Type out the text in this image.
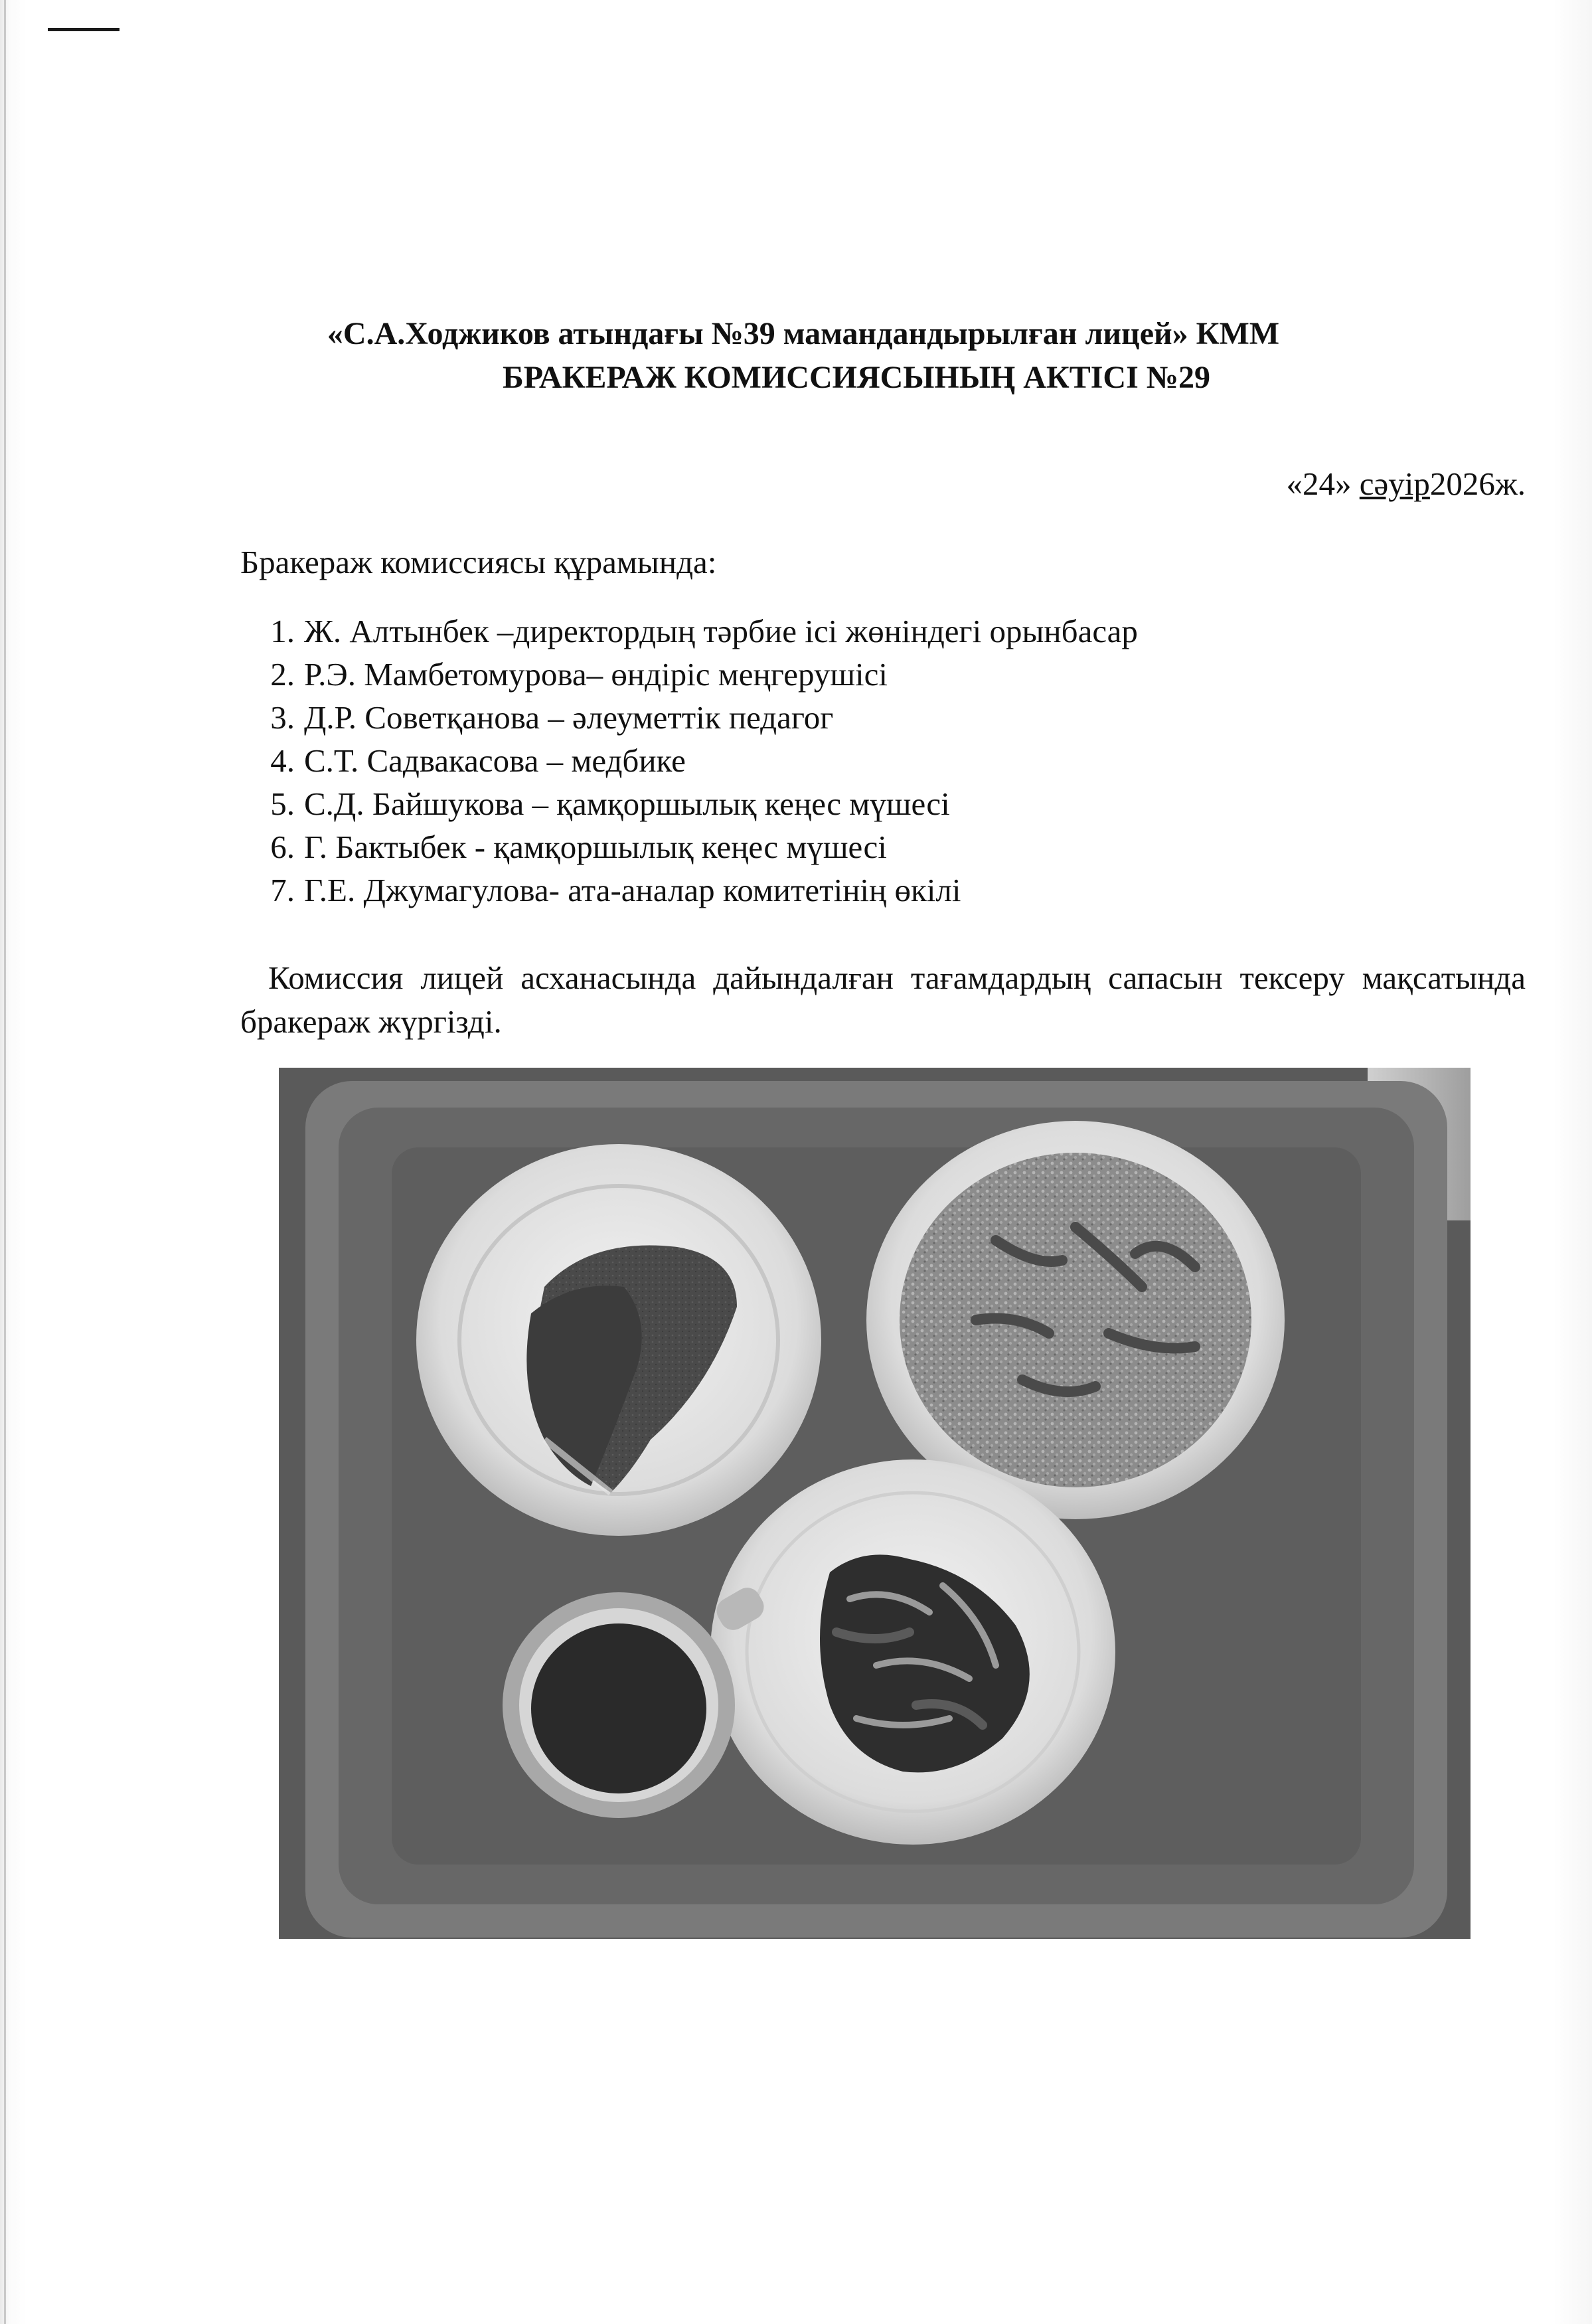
«С.А.Ходжиков атындағы №39 мамандандырылған лицей» КММ
БРАКЕРАЖ КОМИССИЯСЫНЫҢ АКТІСІ №29
«24» сәуір2026ж.
Бракераж комиссиясы құрамында:
1. Ж. Алтынбек –директордың тәрбие ісі жөніндегі орынбасар
2. Р.Э. Мамбетомурова– өндіріс меңгерушісі
3. Д.Р. Советқанова – әлеуметтік педагог
4. С.Т. Садвакасова – медбике
5. С.Д. Байшукова – қамқоршылық кеңес мүшесі
6. Г. Бактыбек - қамқоршылық кеңес мүшесі
7. Г.Е. Джумагулова- ата-аналар комитетінің өкілі
Комиссия лицей асханасында дайындалған тағамдардың сапасын тексеру мақсатында бракераж жүргізді.
